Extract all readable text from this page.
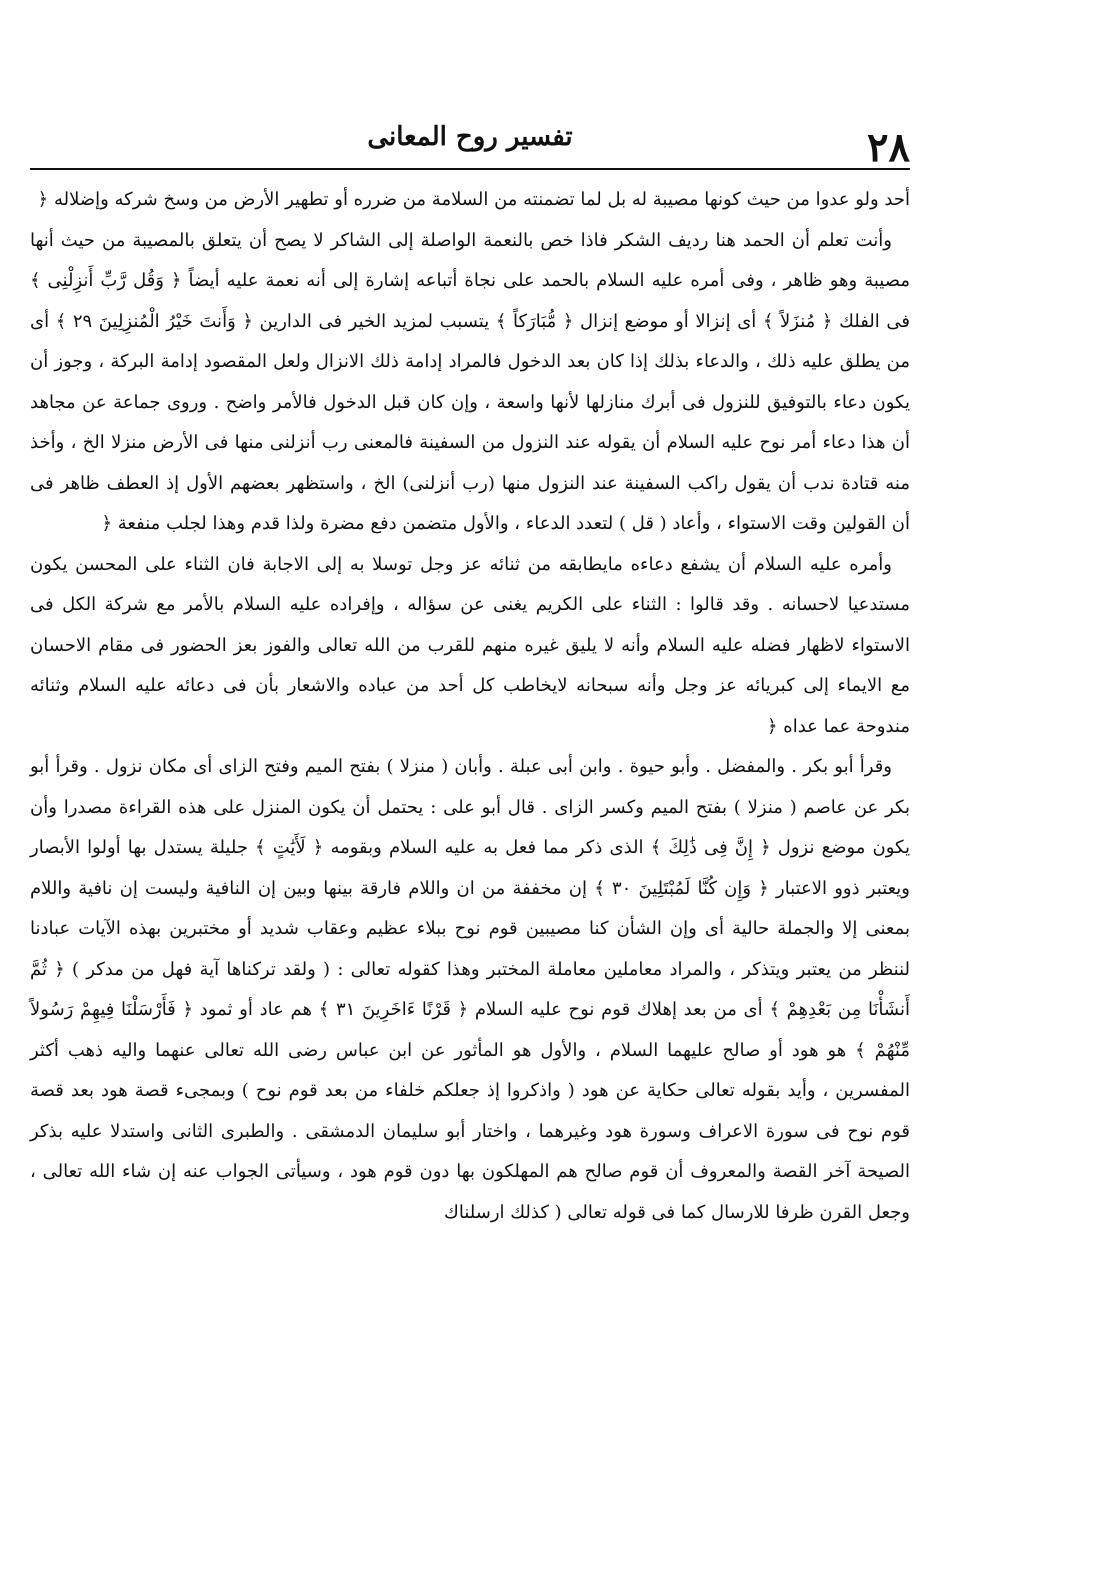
٢٨
تفسير روح المعانى

أحد ولو عدوا من حيث كونها مصيبة له بل لما تضمنته من السلامة من ضرره أو تطهير الأرض من وسخ شركه وإضلاله ﴿

وأنت تعلم أن الحمد هنا رديف الشكر فاذا خص بالنعمة الواصلة إلى الشاكر لا يصح أن يتعلق بالمصيبة من حيث أنها مصيبة وهو ظاهر ، وفى أمره عليه السلام بالحمد على نجاة أتباعه إشارة إلى أنه نعمة عليه أيضاً ﴿ وَقُل رَّبِّ أَنزِلْنِى ﴾ فى الفلك ﴿ مُنزَلاً ﴾ أى إنزالا أو موضع إنزال ﴿ مُّبَارَكاً ﴾ يتسبب لمزيد الخير فى الدارين ﴿ وَأَنتَ خَيْرُ الْمُنزِلِينَ ٢٩ ﴾ أى من يطلق عليه ذلك ، والدعاء بذلك إذا كان بعد الدخول فالمراد إدامة ذلك الانزال ولعل المقصود إدامة البركة ، وجوز أن يكون دعاء بالتوفيق للنزول فى أبرك منازلها لأنها واسعة ، وإن كان قبل الدخول فالأمر واضح . وروى جماعة عن مجاهد أن هذا دعاء أمر نوح عليه السلام أن يقوله عند النزول من السفينة فالمعنى رب أنزلنى منها فى الأرض منزلا الخ ، وأخذ منه قتادة ندب أن يقول راكب السفينة عند النزول منها (رب أنزلنى) الخ ، واستظهر بعضهم الأول إذ العطف ظاهر فى أن القولين وقت الاستواء ، وأعاد ( قل ) لتعدد الدعاء ، والأول متضمن دفع مضرة ولذا قدم وهذا لجلب منفعة ﴿

وأمره عليه السلام أن يشفع دعاءه مايطابقه من ثنائه عز وجل توسلا به إلى الاجابة فان الثناء على المحسن يكون مستدعيا لاحسانه . وقد قالوا : الثناء على الكريم يغنى عن سؤاله ، وإفراده عليه السلام بالأمر مع شركة الكل فى الاستواء لاظهار فضله عليه السلام وأنه لا يليق غيره منهم للقرب من الله تعالى والفوز بعز الحضور فى مقام الاحسان مع الايماء إلى كبريائه عز وجل وأنه سبحانه لايخاطب كل أحد من عباده والاشعار بأن فى دعائه عليه السلام وثنائه مندوحة عما عداه ﴿

وقرأ أبو بكر . والمفضل . وأبو حيوة . وابن أبى عبلة . وأبان ( منزلا ) بفتح الميم وفتح الزاى أى مكان نزول . وقرأ أبو بكر عن عاصم ( منزلا ) بفتح الميم وكسر الزاى . قال أبو على : يحتمل أن يكون المنزل على هذه القراءة مصدرا وأن يكون موضع نزول ﴿ إِنَّ فِى ذَٰلِكَ ﴾ الذى ذكر مما فعل به عليه السلام وبقومه ﴿ لَأَيَٰتٍ ﴾ جليلة يستدل بها أولوا الأبصار ويعتبر ذوو الاعتبار ﴿ وَإِن كُنَّا لَمُبْتَلِينَ ٣٠ ﴾ إن مخففة من ان واللام فارقة بينها وبين إن النافية وليست إن نافية واللام بمعنى إلا والجملة حالية أى وإن الشأن كنا مصيبين قوم نوح ببلاء عظيم وعقاب شديد أو مختبرين بهذه الآيات عبادنا لننظر من يعتبر ويتذكر ، والمراد معاملين معاملة المختبر وهذا كقوله تعالى : ( ولقد تركناها آية فهل من مدكر ) ﴿ ثُمَّ أَنشَأْنَا مِن بَعْدِهِمْ ﴾ أى من بعد إهلاك قوم نوح عليه السلام ﴿ قَرْنًا ءَاخَرِينَ ٣١ ﴾ هم عاد أو ثمود ﴿ فَأَرْسَلْنَا فِيهِمْ رَسُولاً مِّنْهُمْ ﴾ هو هود أو صالح عليهما السلام ، والأول هو المأثور عن ابن عباس رضى الله تعالى عنهما واليه ذهب أكثر المفسرين ، وأيد بقوله تعالى حكاية عن هود ( واذكروا إذ جعلكم خلفاء من بعد قوم نوح ) وبمجىء قصة هود بعد قصة قوم نوح فى سورة الاعراف وسورة هود وغيرهما ، واختار أبو سليمان الدمشقى . والطبرى الثانى واستدلا عليه بذكر الصيحة آخر القصة والمعروف أن قوم صالح هم المهلكون بها دون قوم هود ، وسيأتى الجواب عنه إن شاء الله تعالى ، وجعل القرن ظرفا للارسال كما فى قوله تعالى ( كذلك ارسلناك
